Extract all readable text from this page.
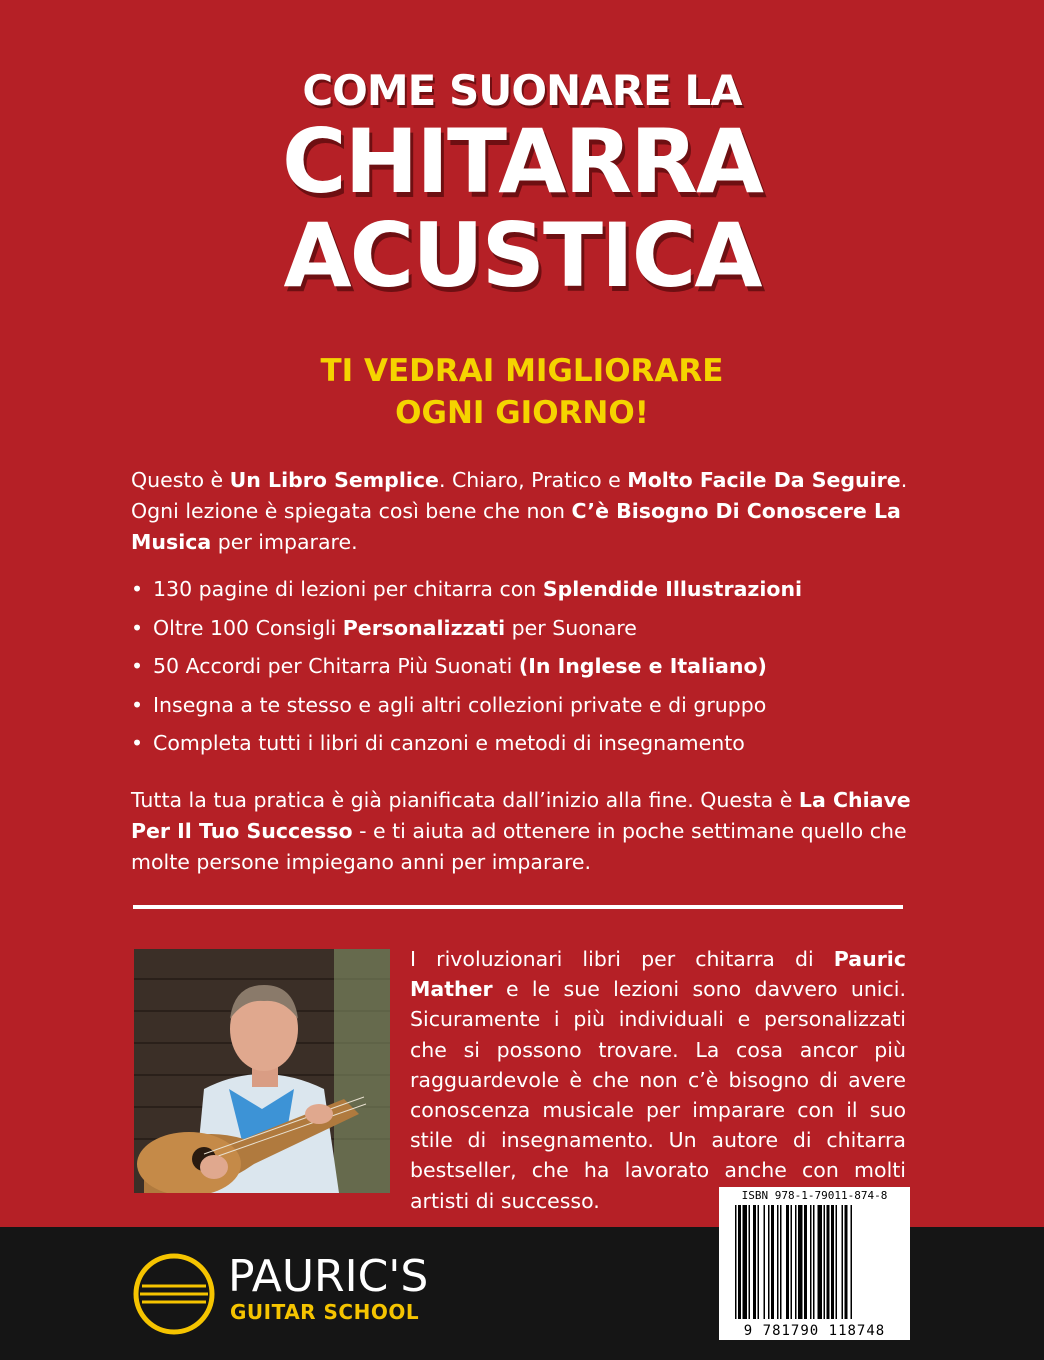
COME SUONARE LA
CHITARRA
ACUSTICA
TI VEDRAI MIGLIORARE
OGNI GIORNO!
Questo è Un Libro Semplice. Chiaro, Pratico e Molto Facile Da Seguire. Ogni lezione è spiegata così bene che non C’è Bisogno Di Conoscere La Musica per imparare.
• 130 pagine di lezioni per chitarra con Splendide Illustrazioni
• Oltre 100 Consigli Personalizzati per Suonare
• 50 Accordi per Chitarra Più Suonati (In Inglese e Italiano)
• Insegna a te stesso e agli altri collezioni private e di gruppo
• Completa tutti i libri di canzoni e metodi di insegnamento
Tutta la tua pratica è già pianificata dall’inizio alla fine. Questa è La Chiave Per Il Tuo Successo - e ti aiuta ad ottenere in poche settimane quello che molte persone impiegano anni per imparare.
I rivoluzionari libri per chitarra di Pauric Mather e le sue lezioni sono davvero unici. Sicuramente i più individuali e personalizzati che si possono trovare. La cosa ancor più ragguardevole è che non c’è bisogno di avere conoscenza musicale per imparare con il suo stile di insegnamento. Un autore di chitarra bestseller, che ha lavorato anche con molti artisti di successo.
PAURIC'S
GUITAR SCHOOL
ISBN 978-1-79011-874-8
9 781790 118748
